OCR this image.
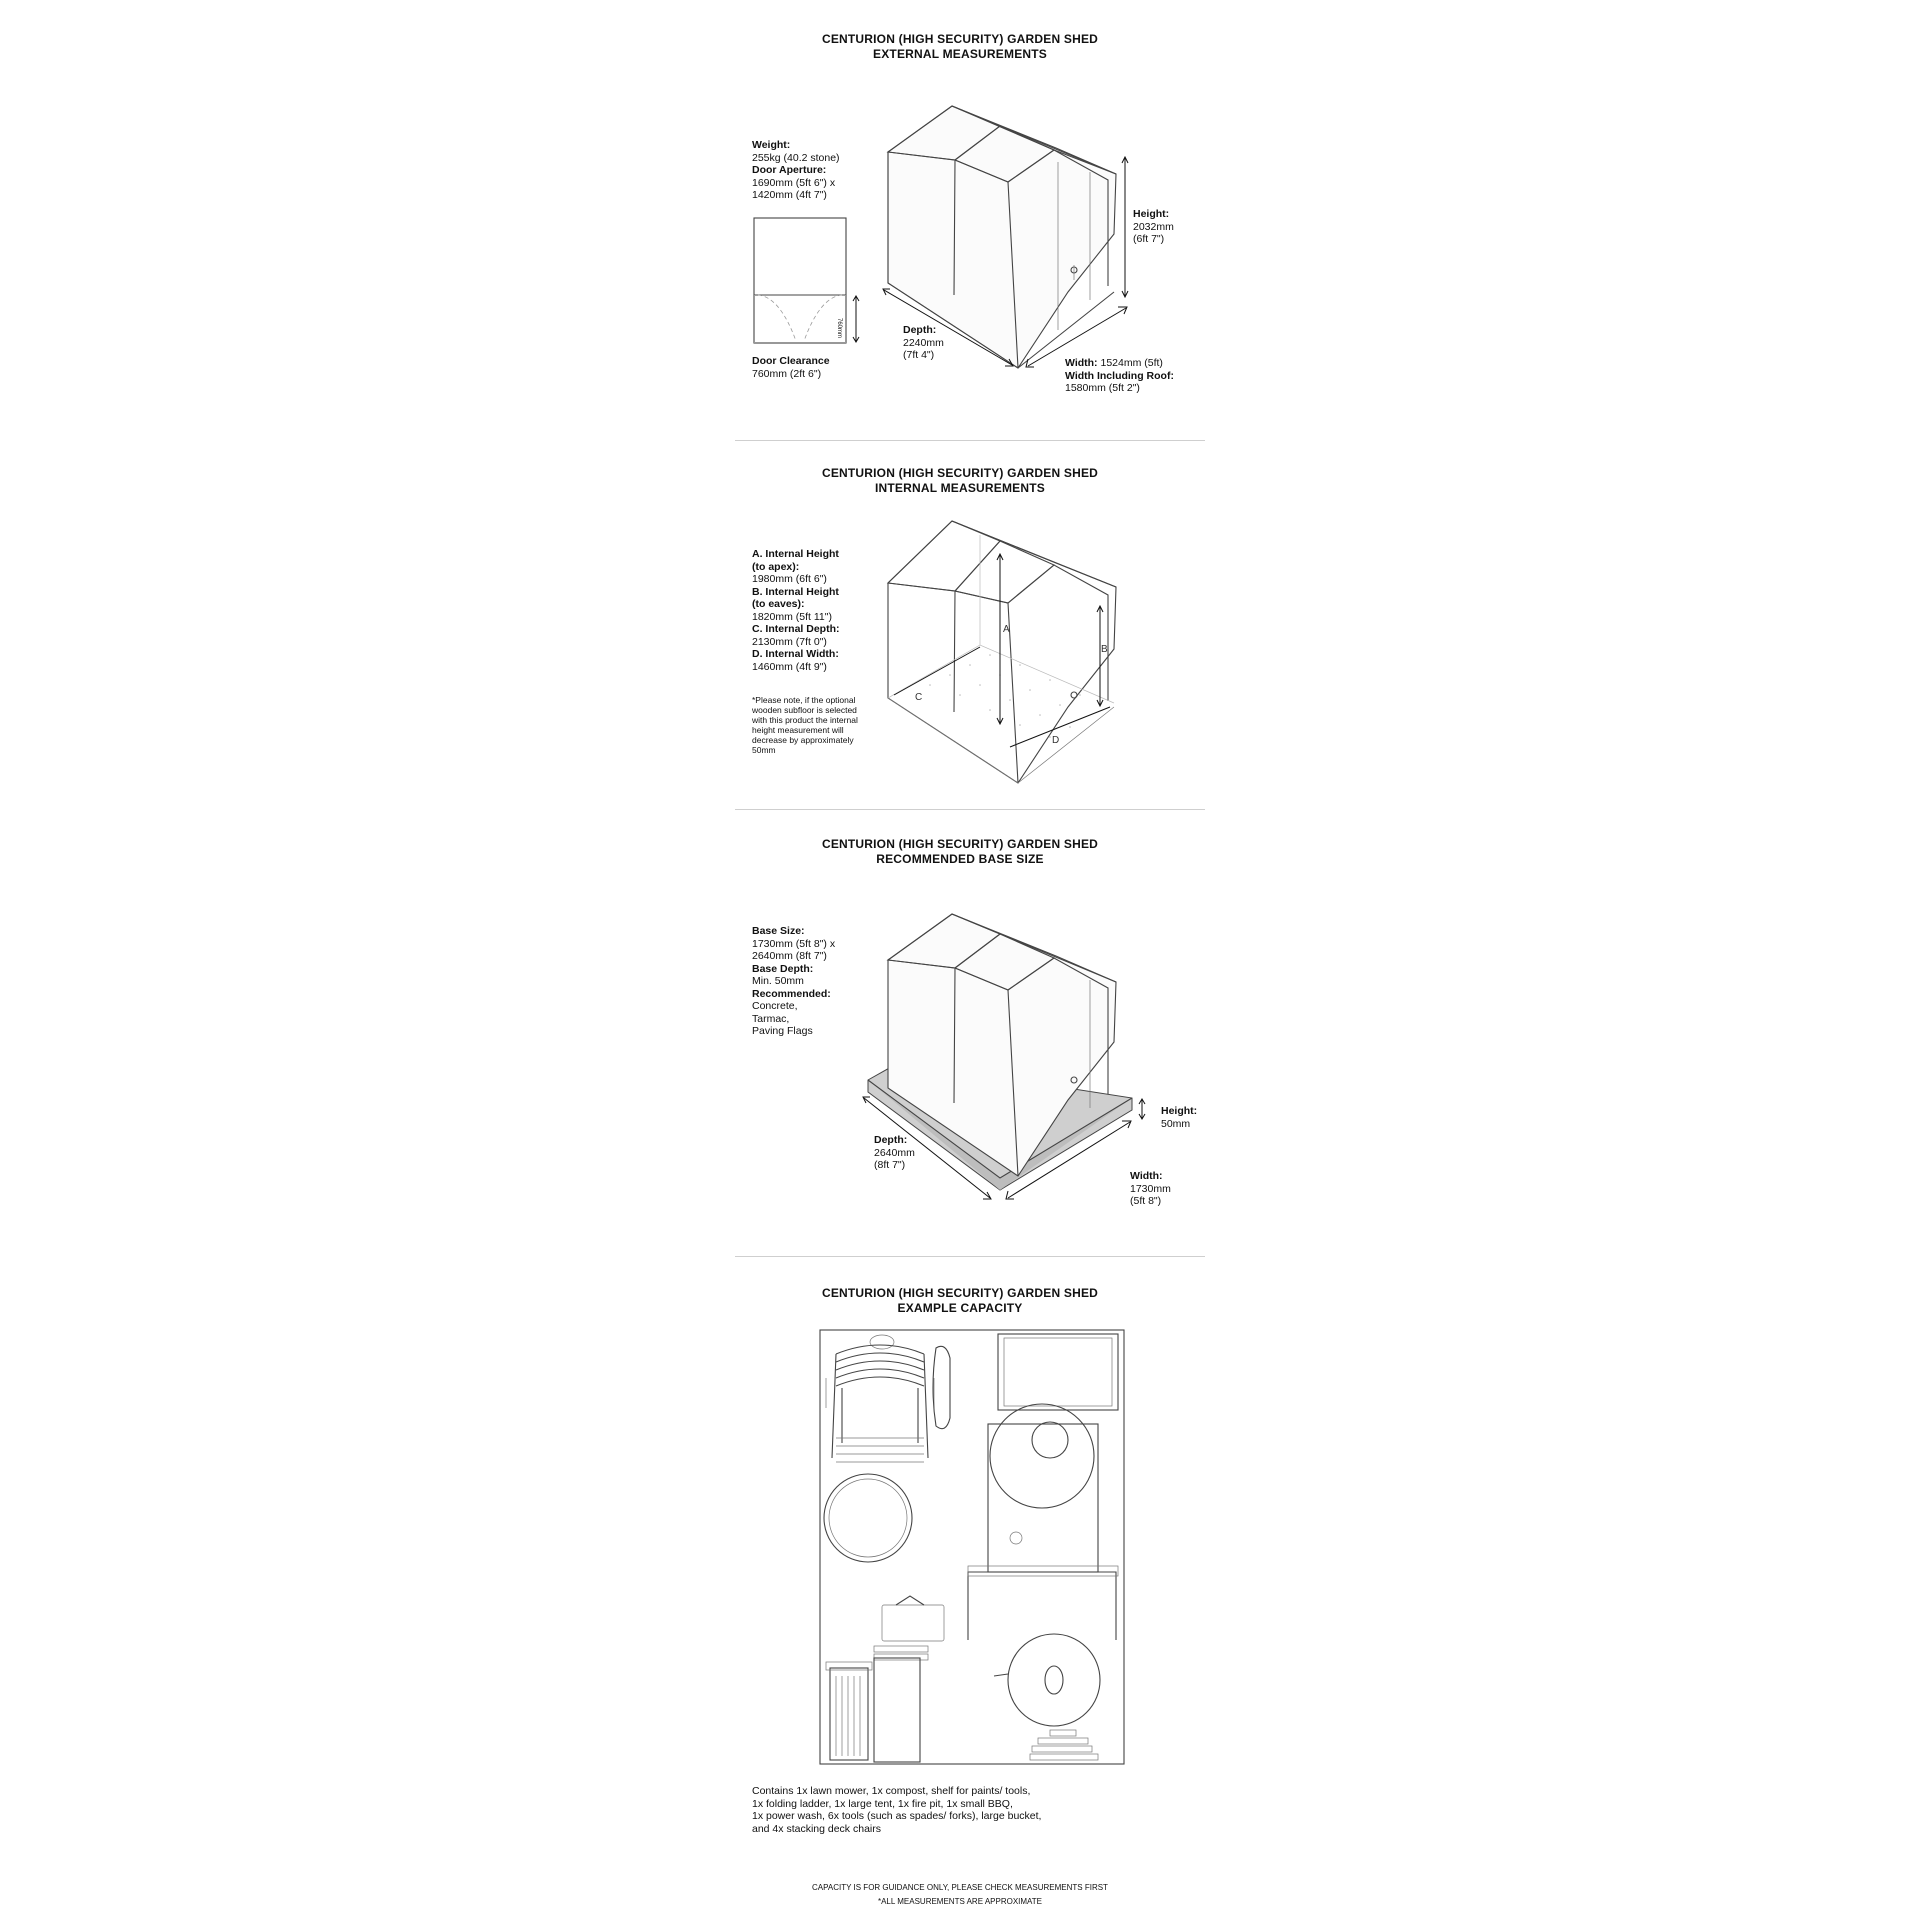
CENTURION (HIGH SECURITY) GARDEN SHED
EXTERNAL MEASUREMENTS
Weight:
255kg (40.2 stone)
Door Aperture:
1690mm (5ft 6") x
1420mm (4ft 7")
760mm
Door Clearance
760mm (2ft 6")
Height:
2032mm
(6ft 7")
Depth:
2240mm
(7ft 4")
Width: 1524mm (5ft)
Width Including Roof:
1580mm (5ft 2")
CENTURION (HIGH SECURITY) GARDEN SHED
INTERNAL MEASUREMENTS
A. Internal Height
(to apex):
1980mm (6ft 6")
B. Internal Height
(to eaves):
1820mm (5ft 11")
C. Internal Depth:
2130mm (7ft 0")
D. Internal Width:
1460mm (4ft 9")
*Please note, if the optional
wooden subfloor is selected
with this product the internal
height measurement will
decrease by approximately
50mm
A
B
C
D
CENTURION (HIGH SECURITY) GARDEN SHED
RECOMMENDED BASE SIZE
Base Size:
1730mm (5ft 8") x
2640mm (8ft 7")
Base Depth:
Min. 50mm
Recommended:
Concrete,
Tarmac,
Paving Flags
Height:
50mm
Depth:
2640mm
(8ft 7")
Width:
1730mm
(5ft 8")
CENTURION (HIGH SECURITY) GARDEN SHED
EXAMPLE CAPACITY
Contains 1x lawn mower, 1x compost, shelf for paints/ tools,
1x folding ladder, 1x large tent, 1x fire pit, 1x small BBQ,
1x power wash, 6x tools (such as spades/ forks), large bucket,
and 4x stacking deck chairs
CAPACITY IS FOR GUIDANCE ONLY, PLEASE CHECK MEASUREMENTS FIRST
*ALL MEASUREMENTS ARE APPROXIMATE
